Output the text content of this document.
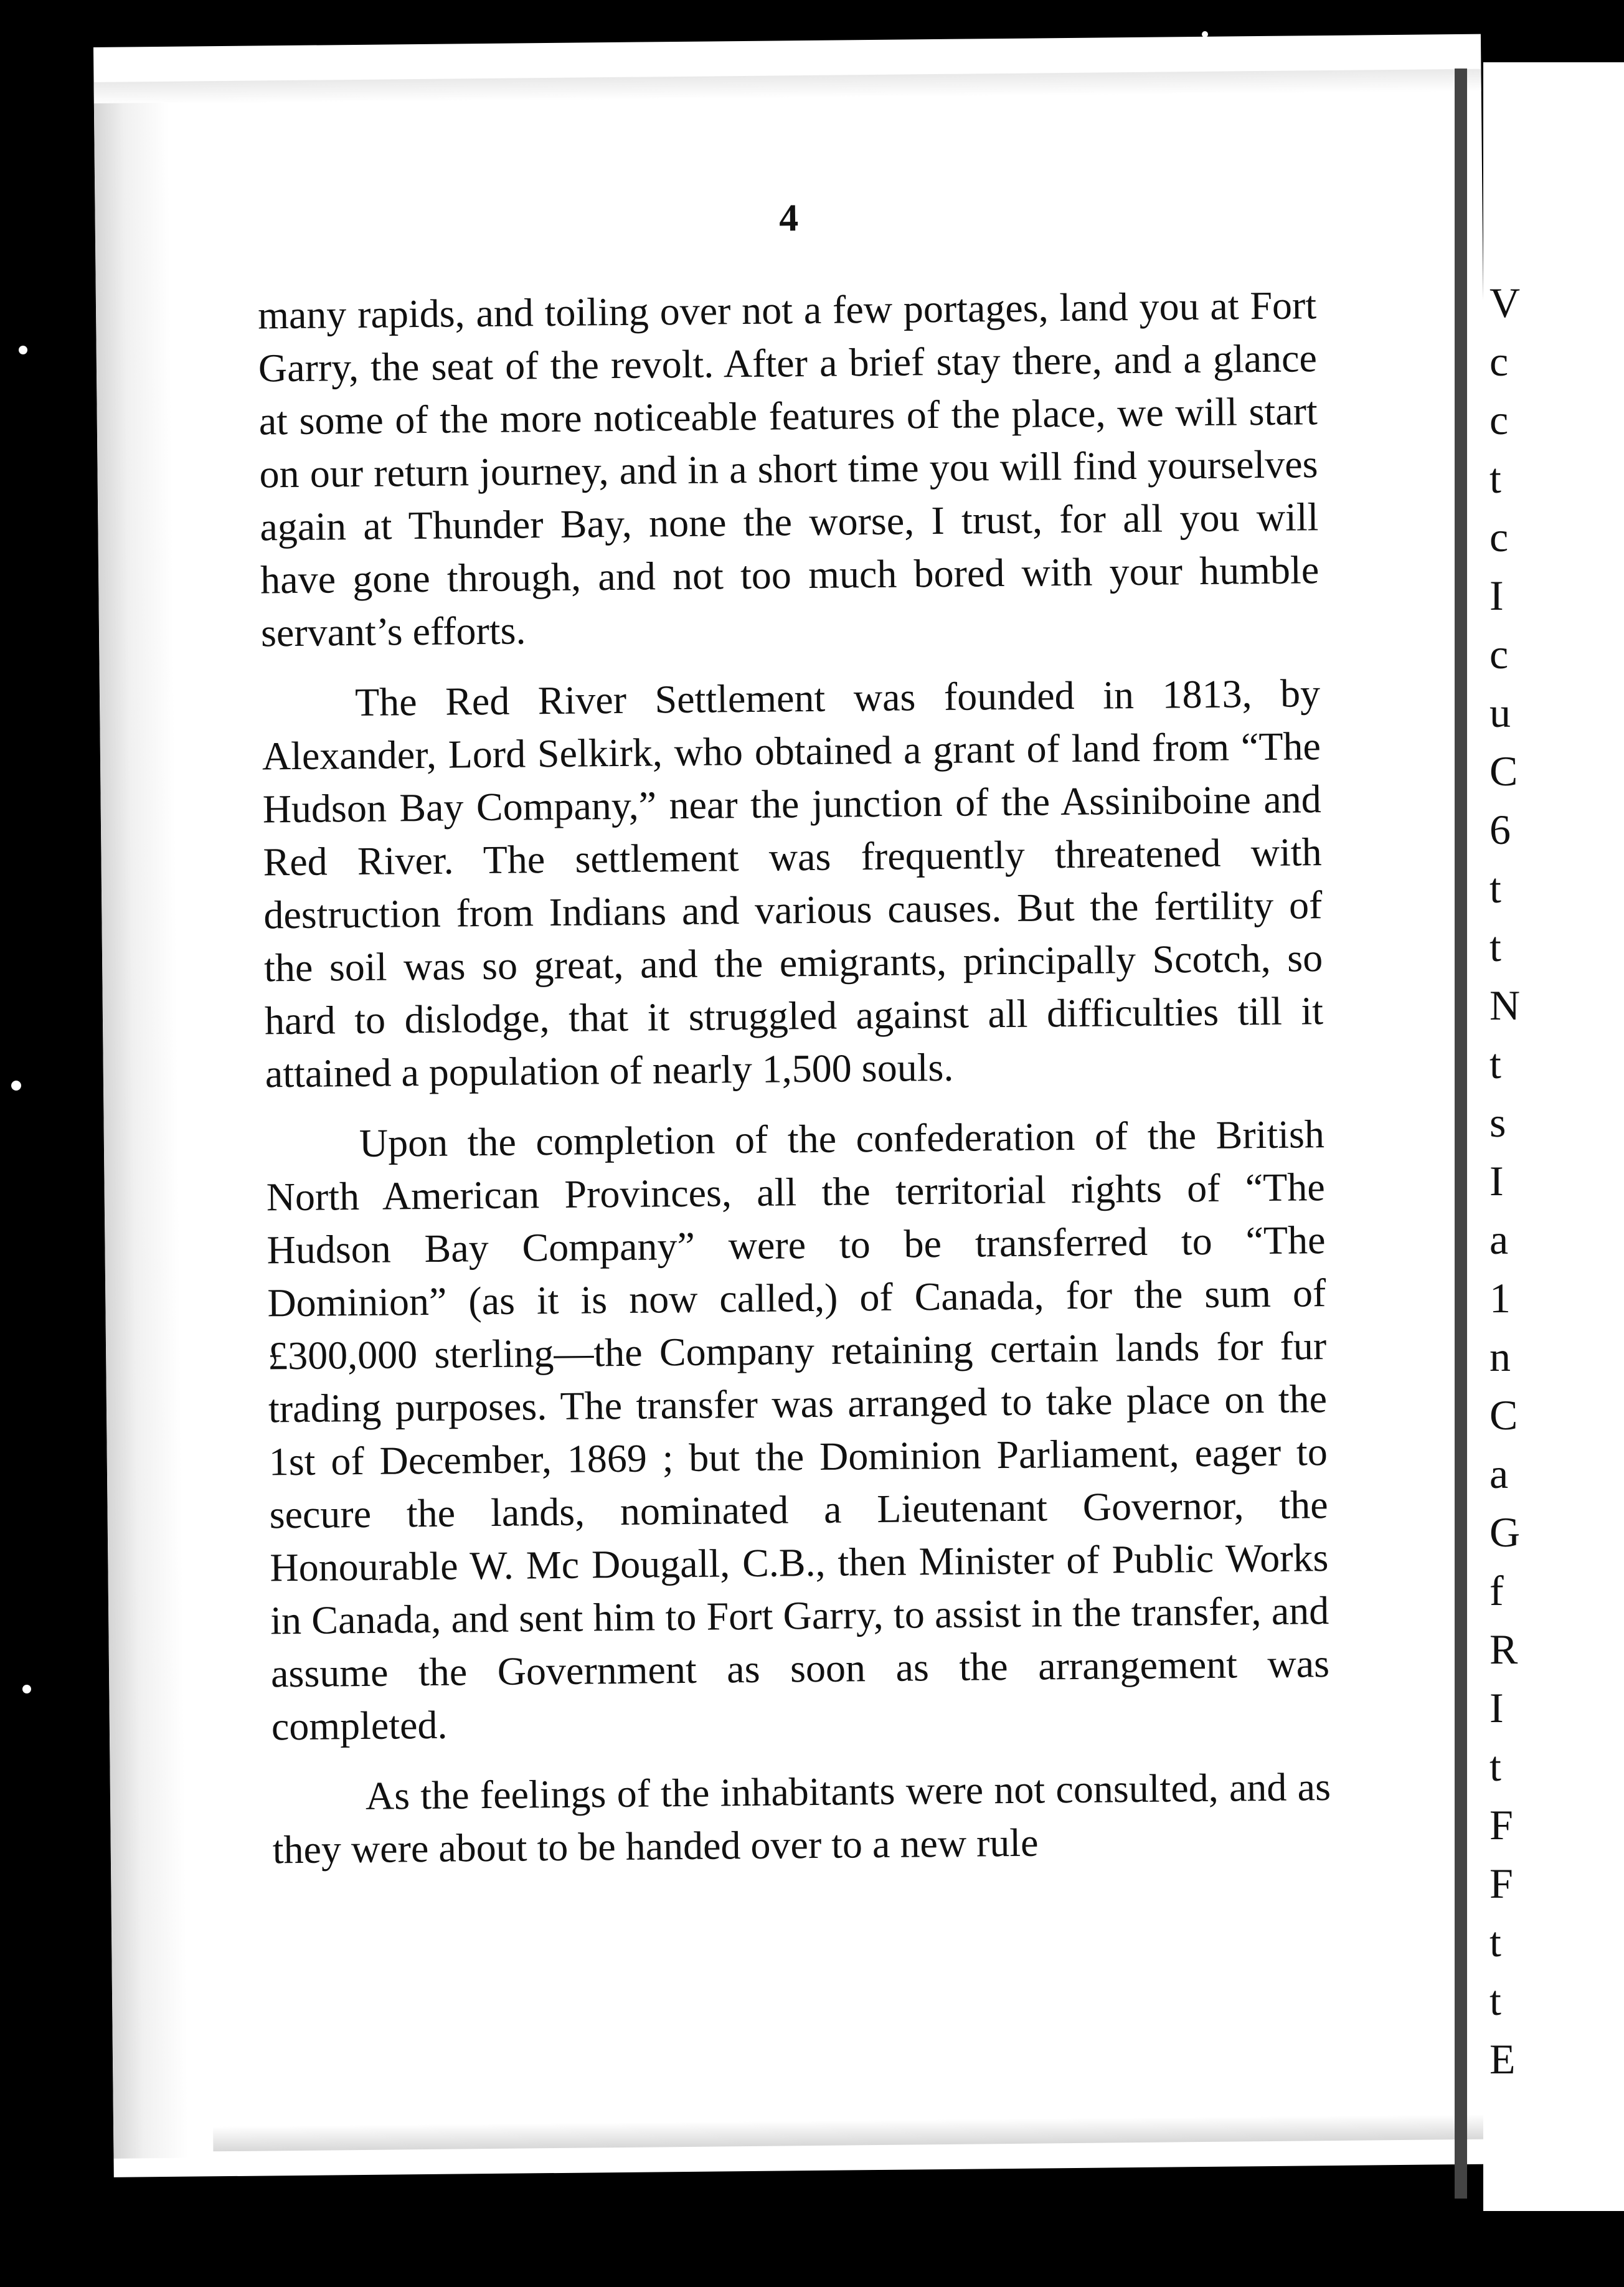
4

many rapids, and toiling over not a few portages, land you at Fort Garry, the seat of the revolt. After a brief stay there, and a glance at some of the more noticeable features of the place, we will start on our return journey, and in a short time you will find yourselves again at Thunder Bay, none the worse, I trust, for all you will have gone through, and not too much bored with your humble servant’s efforts.

The Red River Settlement was founded in 1813, by Alexander, Lord Selkirk, who obtained a grant of land from “The Hudson Bay Company,” near the junction of the Assiniboine and Red River. The settlement was frequently threatened with destruction from Indians and various causes. But the fertility of the soil was so great, and the emigrants, principally Scotch, so hard to dislodge, that it struggled against all difficulties till it attained a population of nearly 1,500 souls.

Upon the completion of the confederation of the British North American Provinces, all the territorial rights of “The Hudson Bay Company” were to be transferred to “The Dominion” (as it is now called,) of Canada, for the sum of £300,000 sterling—the Company retaining certain lands for fur trading purposes. The transfer was arranged to take place on the 1st of December, 1869 ; but the Dominion Parliament, eager to secure the lands, nominated a Lieutenant Governor, the Honourable W. Mc Dougall, C.B., then Minister of Public Works in Canada, and sent him to Fort Garry, to assist in the transfer, and assume the Government as soon as the arrangement was completed.

As the feelings of the inhabitants were not consulted, and as they were about to be handed over to a new rule

V
c
c
t
c
I
c
u
C
6
t
t
N
t
s
I
a
1
n
C
a
G
f
R
I
t
F
F
t
t
E
